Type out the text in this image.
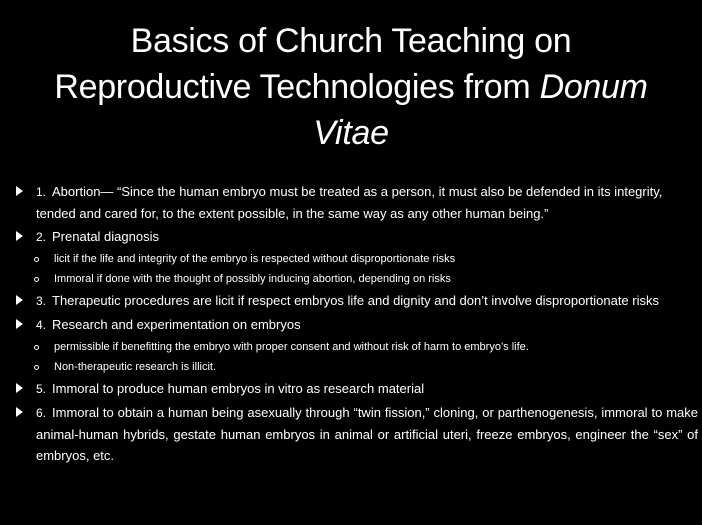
Basics of Church Teaching on
Reproductive Technologies from Donum
Vitae
1. Abortion— “Since the human embryo must be treated as a person, it must also be defended in its integrity, tended and cared for, to the extent possible, in the same way as any other human being.”
2. Prenatal diagnosis
licit if the life and integrity of the embryo is respected without disproportionate risks
Immoral if done with the thought of possibly inducing abortion, depending on risks
3. Therapeutic procedures are licit if respect embryos life and dignity and don’t involve disproportionate risks
4. Research and experimentation on embryos
permissible if benefitting the embryo with proper consent and without risk of harm to embryo’s life.
Non-therapeutic research is illicit.
5. Immoral to produce human embryos in vitro as research material
6. Immoral to obtain a human being asexually through “twin fission,” cloning, or parthenogenesis, immoral to make animal-human hybrids, gestate human embryos in animal or artificial uteri, freeze embryos, engineer the “sex” of embryos, etc.
